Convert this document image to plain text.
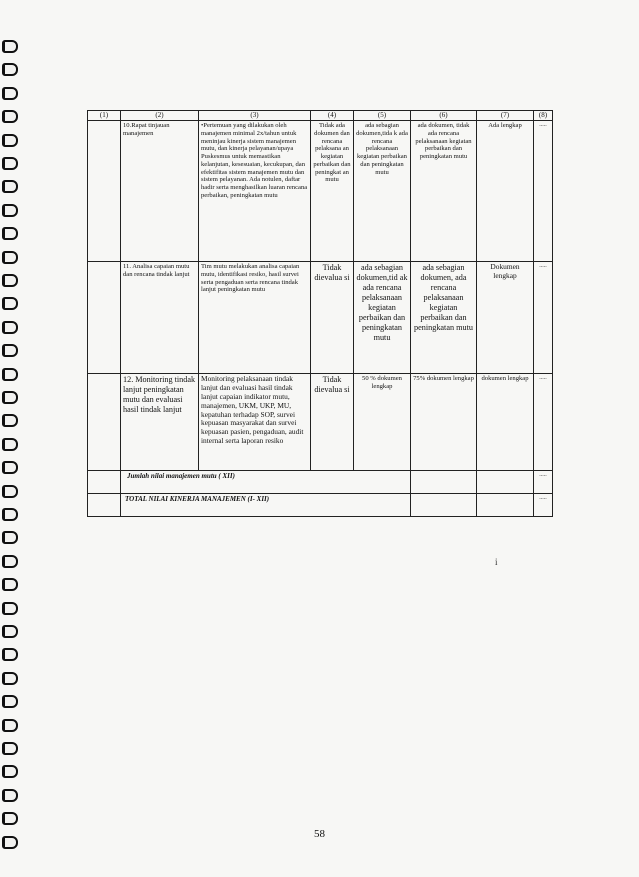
(1)	(2)	(3)	(4)	(5)	(6)	(7)	(8)
	10.Rapat tinjauan manajemen	•Pertemuan yang dilakukan oleh manajemen minimal 2x/tahun untuk meninjau kinerja sistem manajemen mutu, dan kinerja pelayanan/upaya Puskesmus untuk memastikan kelanjutan, kesesuaian, kecukupan, dan efektifitas sistem manajemen mutu dan sistem pelayanan. Ada notulen, daftar hadir serta menghasilkan luaran rencana perbaikan, peningkatan mutu	Tidak ada dokumen dan rencana pelaksana an kegiatan perbaikan dan peningkat an mutu	ada sebagian dokumen,tida k ada rencana pelaksanaan kegiatan perbaikan dan peningkatan mutu	ada dokumen, tidak ada rencana pelaksanaan kegiatan perbaikan dan peningkatan mutu	Ada lengkap	.....
	11. Analisa capaian mutu dan rencana tindak lanjut	Tim mutu melakukan analisa capaian mutu, identifikasi resiko, hasil survei serta pengaduan serta rencana tindak lanjut peningkatan mutu	Tidak dievalua si	ada sebagian dokumen,tid ak ada rencana pelaksanaan kegiatan perbaikan dan peningkatan mutu	ada sebagian dokumen, ada rencana pelaksanaan kegiatan perbaikan dan peningkatan mutu	Dokumen lengkap	.....
	12. Monitoring tindak lanjut peningkatan mutu dan evaluasi hasil tindak lanjut	Monitoring pelaksanaan tindak lanjut dan evaluasi hasil tindak lanjut capaian indikator mutu, manajemen, UKM, UKP, MU, kepatuhan terhadap SOP, survei kepuasan masyarakat dan survei kepuasan pasien, pengaduan, audit internal serta laporan resiko	Tidak dievalua si	50 % dokumen lengkap	75% dokumen lengkap	dokumen lengkap	.....
	Jumlah nilai manajemen mutu ( XII)						.....
	TOTAL NILAI KINERJA MANAJEMEN (I- XII)						.....
i
58
